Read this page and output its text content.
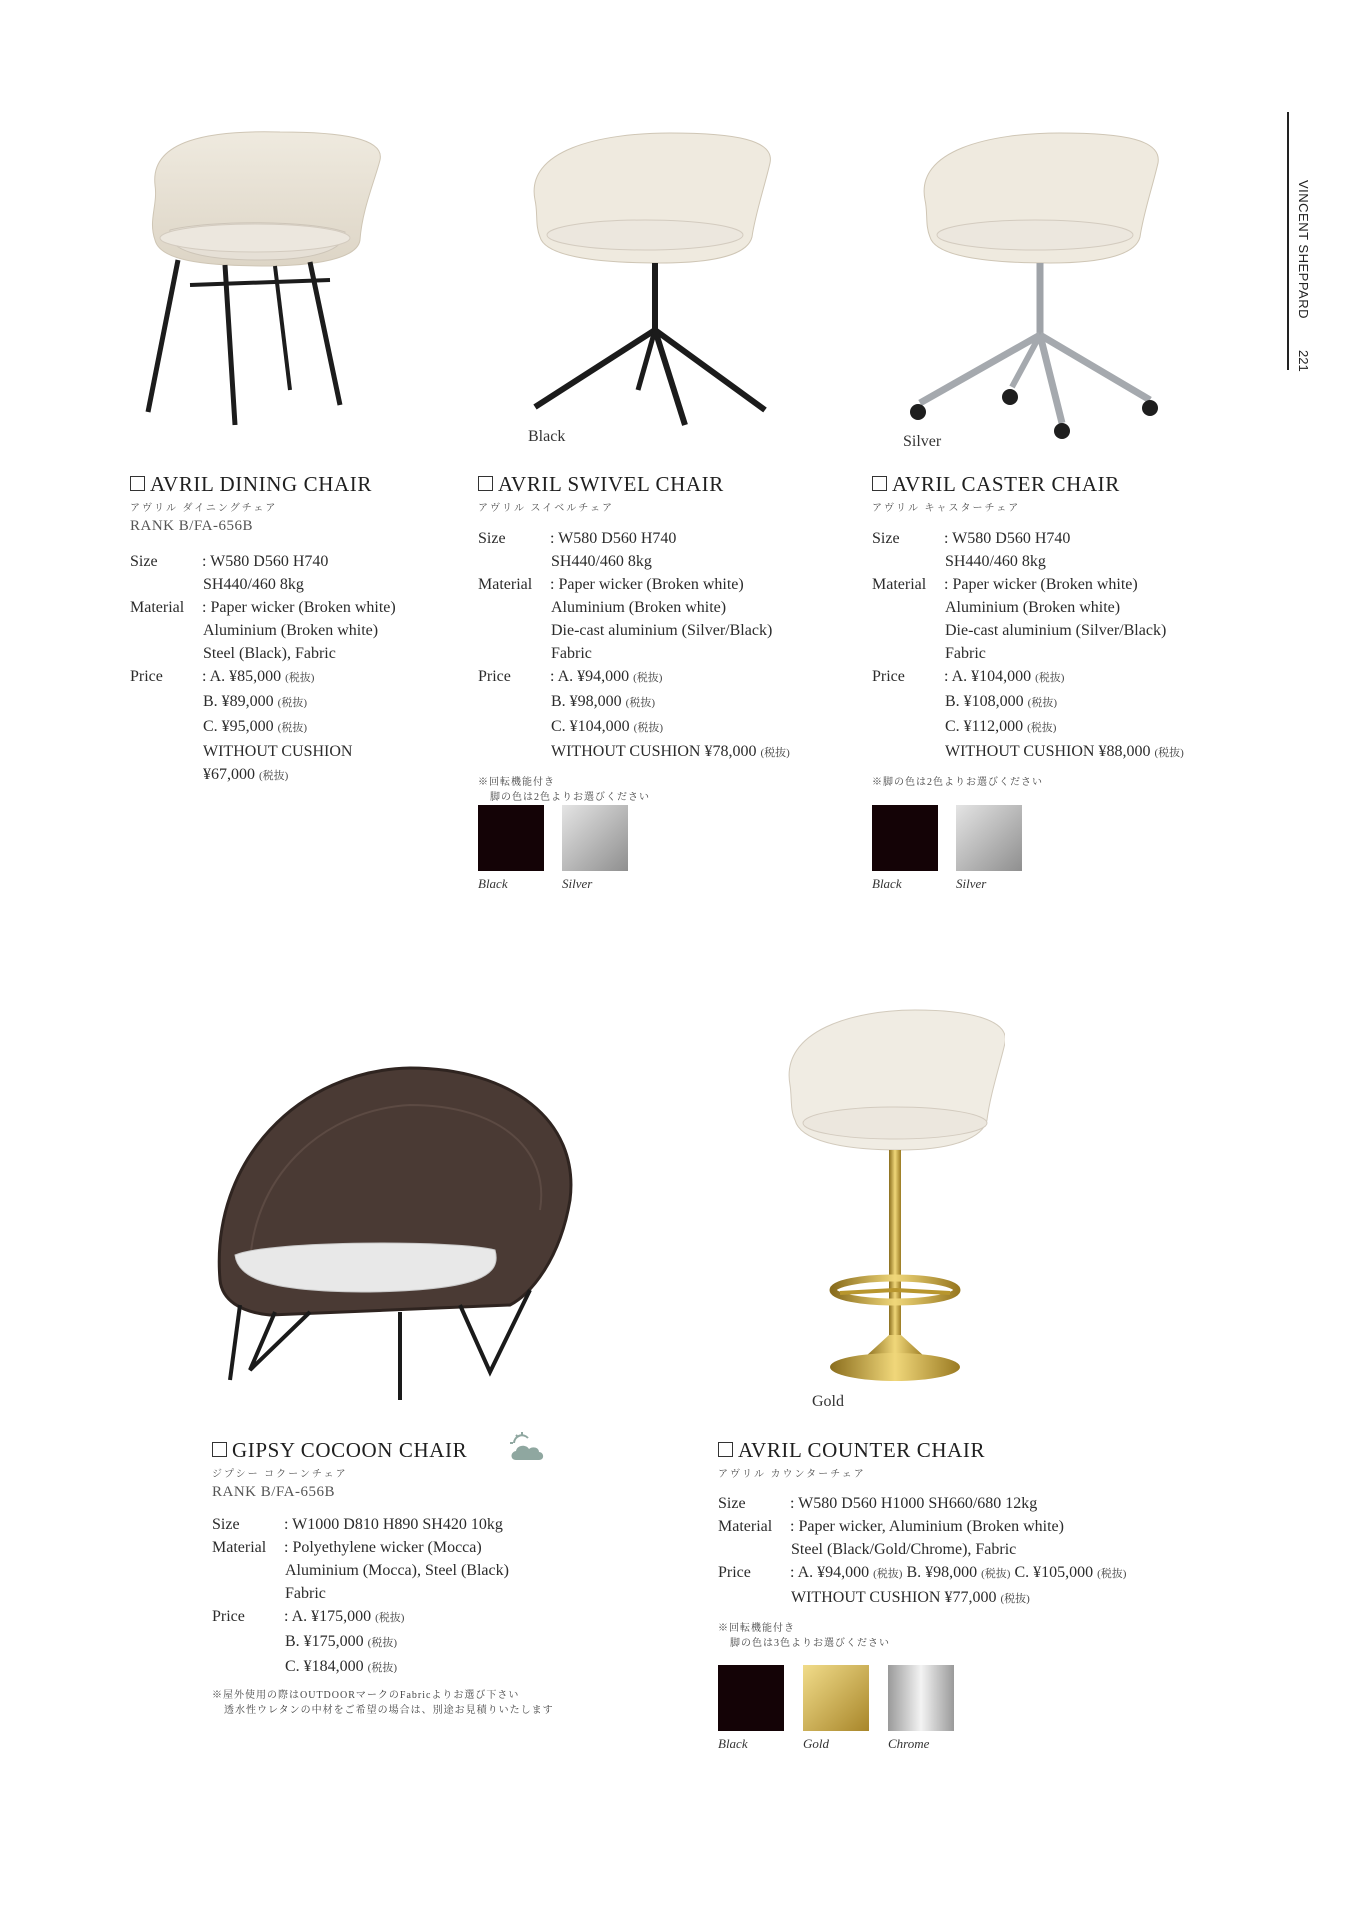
VINCENT SHEPPARD
221
Black	Silver
Gold
AVRIL DINING CHAIR
アヴリル ダイニングチェア
RANK B/FA-656B
Size	: W580 D560 H740
SH440/460 8kg
Material : Paper wicker (Broken white)
Aluminium (Broken white)
Steel (Black), Fabric
Price : A. ¥85,000 (税抜)
B. ¥89,000 (税抜)
C. ¥95,000 (税抜)
WITHOUT CUSHION
¥67,000 (税抜)
AVRIL SWIVEL CHAIR
アヴリル スイベルチェア
Size	: W580 D560 H740
SH440/460 8kg
Material : Paper wicker (Broken white)
Aluminium (Broken white)
Die-cast aluminium (Silver/Black)
Fabric
Price : A. ¥94,000 (税抜)
B. ¥98,000 (税抜)
C. ¥104,000 (税抜)
WITHOUT CUSHION ¥78,000 (税抜)
※回転機能付き
脚の色は2色よりお選びください
Black	Silver
AVRIL CASTER CHAIR
アヴリル キャスターチェア
Size	: W580 D560 H740
SH440/460 8kg
Material : Paper wicker (Broken white)
Aluminium (Broken white)
Die-cast aluminium (Silver/Black)
Fabric
Price : A. ¥104,000 (税抜)
B. ¥108,000 (税抜)
C. ¥112,000 (税抜)
WITHOUT CUSHION ¥88,000 (税抜)
※脚の色は2色よりお選びください
Black	Silver
GIPSY COCOON CHAIR
ジプシー コクーンチェア
RANK B/FA-656B
Size	: W1000 D810 H890 SH420 10kg
Material : Polyethylene wicker (Mocca)
Aluminium (Mocca), Steel (Black)
Fabric
Price : A. ¥175,000 (税抜)
B. ¥175,000 (税抜)
C. ¥184,000 (税抜)
※屋外使用の際はOUTDOORマークのFabricよりお選び下さい
透水性ウレタンの中材をご希望の場合は、別途お見積りいたします
AVRIL COUNTER CHAIR
アヴリル カウンターチェア
Size	: W580 D560 H1000 SH660/680 12kg
Material : Paper wicker, Aluminium (Broken white)
Steel (Black/Gold/Chrome), Fabric
Price : A. ¥94,000 (税抜) B. ¥98,000 (税抜) C. ¥105,000 (税抜)
WITHOUT CUSHION ¥77,000 (税抜)
※回転機能付き
脚の色は3色よりお選びください
Black	Gold	Chrome
